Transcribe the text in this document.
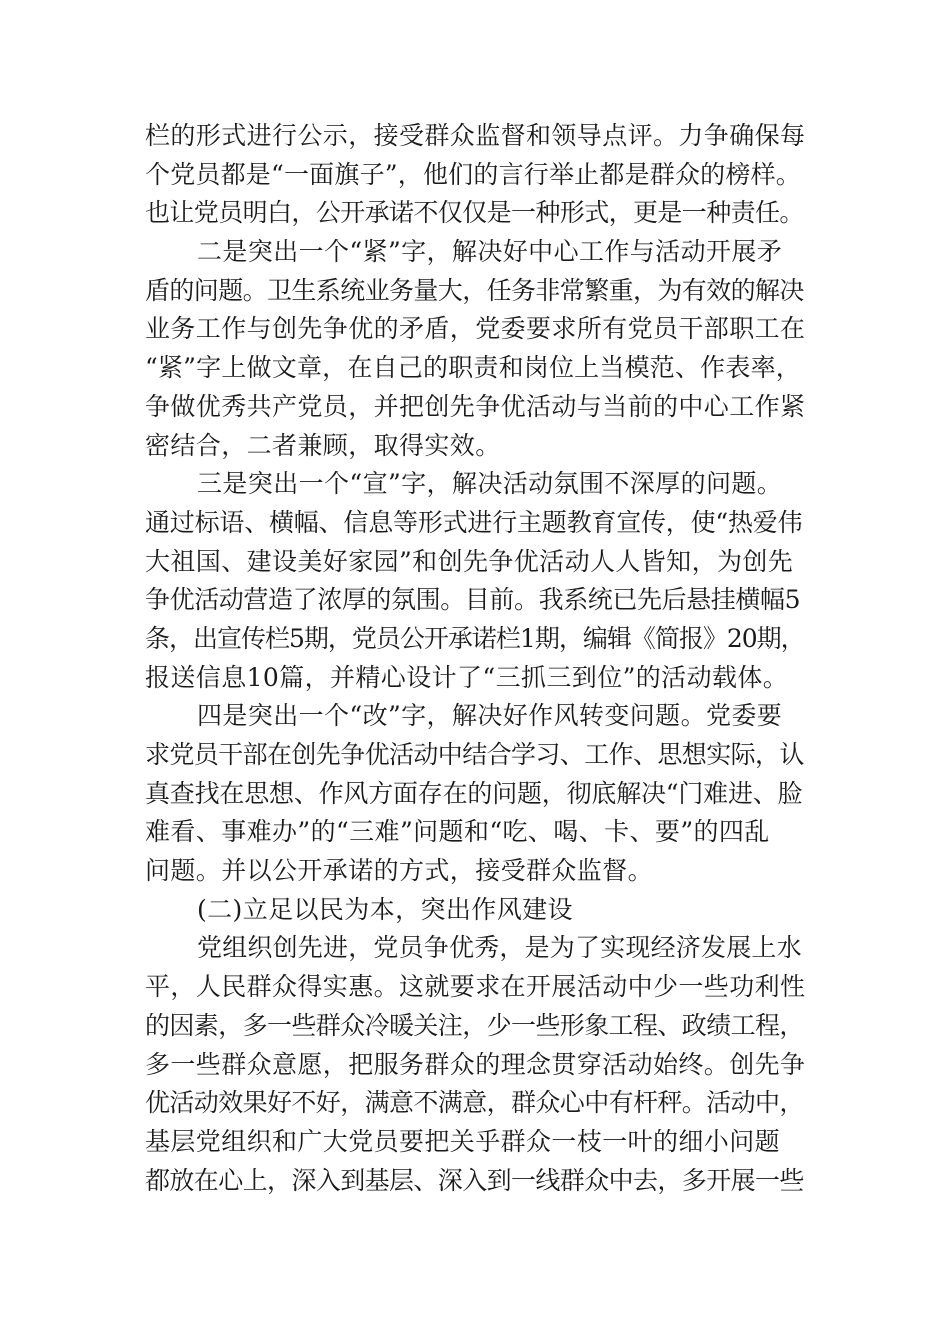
栏的形式进行公示，接受群众监督和领导点评。力争确保每
个党员都是“一面旗子”，他们的言行举止都是群众的榜样。
也让党员明白，公开承诺不仅仅是一种形式，更是一种责任。
二是突出一个“紧”字，解决好中心工作与活动开展矛
盾的问题。卫生系统业务量大，任务非常繁重，为有效的解决
业务工作与创先争优的矛盾，党委要求所有党员干部职工在
“紧”字上做文章，在自己的职责和岗位上当模范、作表率，
争做优秀共产党员，并把创先争优活动与当前的中心工作紧
密结合，二者兼顾，取得实效。
三是突出一个“宣”字，解决活动氛围不深厚的问题。
通过标语、横幅、信息等形式进行主题教育宣传，使“热爱伟
大祖国、建设美好家园”和创先争优活动人人皆知，为创先
争优活动营造了浓厚的氛围。目前。我系统已先后悬挂横幅5
条，出宣传栏5期，党员公开承诺栏1期，编辑《简报》20期，
报送信息10篇，并精心设计了“三抓三到位”的活动载体。
四是突出一个“改”字，解决好作风转变问题。党委要
求党员干部在创先争优活动中结合学习、工作、思想实际，认
真查找在思想、作风方面存在的问题，彻底解决“门难进、脸
难看、事难办”的“三难”问题和“吃、喝、卡、要”的四乱
问题。并以公开承诺的方式，接受群众监督。
(二)立足以民为本，突出作风建设
党组织创先进，党员争优秀，是为了实现经济发展上水
平，人民群众得实惠。这就要求在开展活动中少一些功利性
的因素，多一些群众冷暖关注，少一些形象工程、政绩工程，
多一些群众意愿，把服务群众的理念贯穿活动始终。创先争
优活动效果好不好，满意不满意，群众心中有杆秤。活动中，
基层党组织和广大党员要把关乎群众一枝一叶的细小问题
都放在心上，深入到基层、深入到一线群众中去，多开展一些
